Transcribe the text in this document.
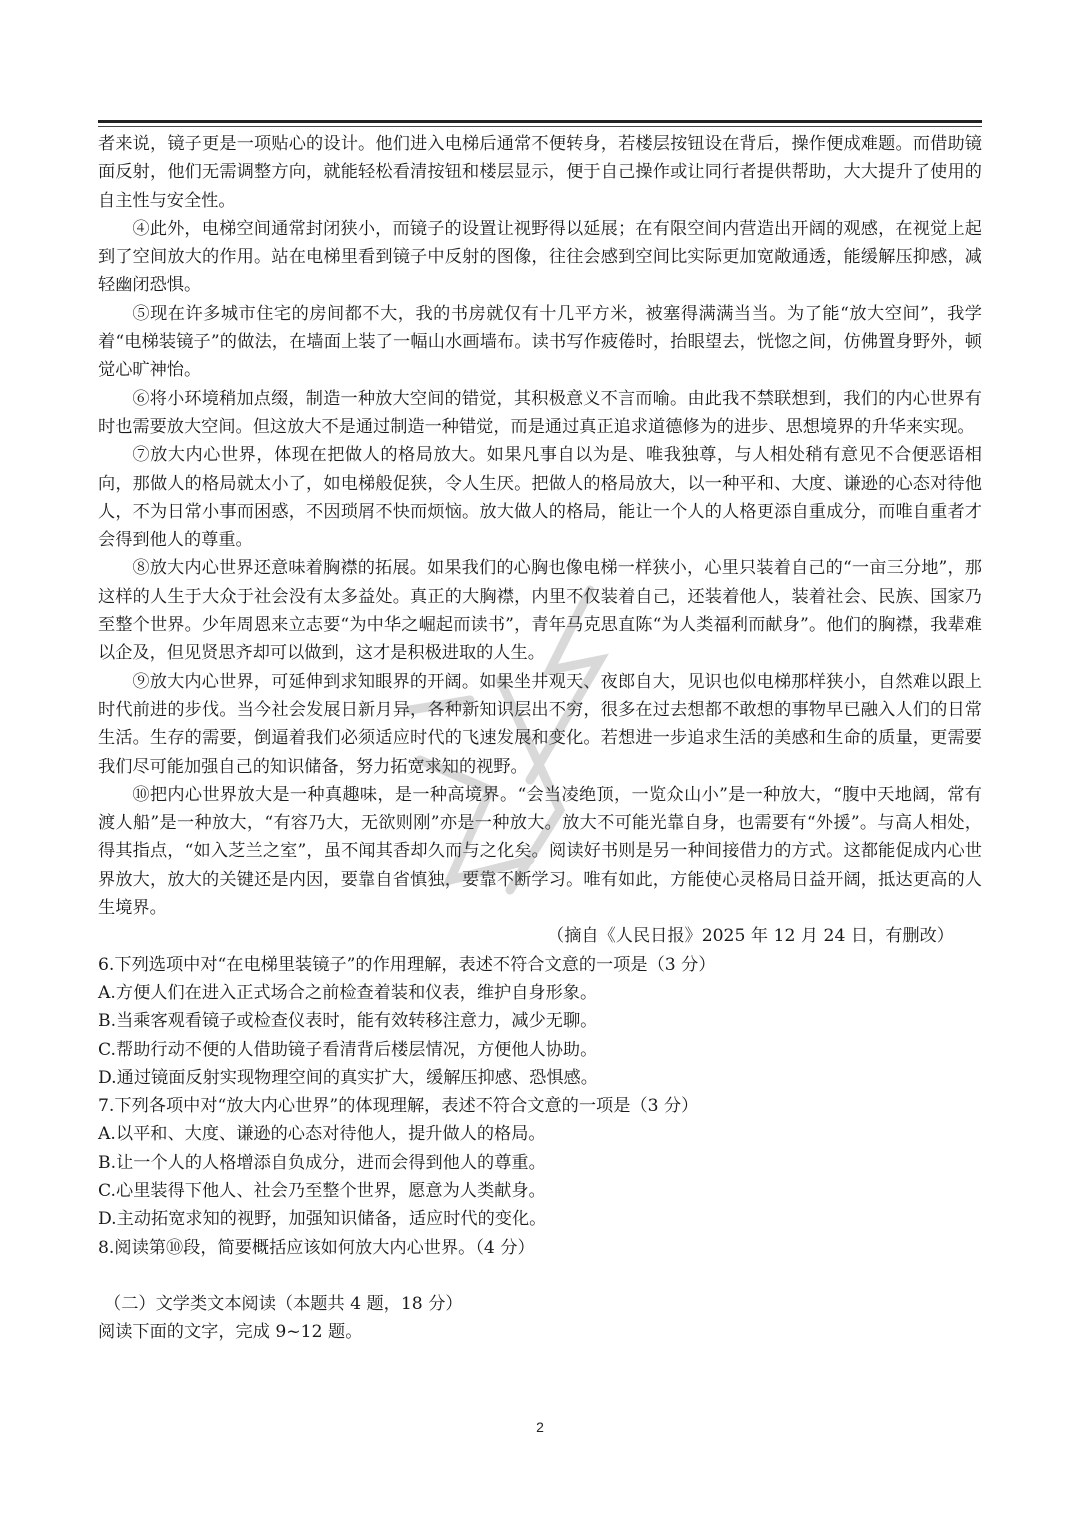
者来说，镜子更是一项贴心的设计。他们进入电梯后通常不便转身，若楼层按钮设在背后，操作便成难题。而借助镜面反射，他们无需调整方向，就能轻松看清按钮和楼层显示，便于自己操作或让同行者提供帮助，大大提升了使用的自主性与安全性。

④此外，电梯空间通常封闭狭小，而镜子的设置让视野得以延展；在有限空间内营造出开阔的观感，在视觉上起到了空间放大的作用。站在电梯里看到镜子中反射的图像，往往会感到空间比实际更加宽敞通透，能缓解压抑感，减轻幽闭恐惧。

⑤现在许多城市住宅的房间都不大，我的书房就仅有十几平方米，被塞得满满当当。为了能“放大空间”，我学着“电梯装镜子”的做法，在墙面上装了一幅山水画墙布。读书写作疲倦时，抬眼望去，恍惚之间，仿佛置身野外，顿觉心旷神怡。

⑥将小环境稍加点缀，制造一种放大空间的错觉，其积极意义不言而喻。由此我不禁联想到，我们的内心世界有时也需要放大空间。但这放大不是通过制造一种错觉，而是通过真正追求道德修为的进步、思想境界的升华来实现。

⑦放大内心世界，体现在把做人的格局放大。如果凡事自以为是、唯我独尊，与人相处稍有意见不合便恶语相向，那做人的格局就太小了，如电梯般促狭，令人生厌。把做人的格局放大，以一种平和、大度、谦逊的心态对待他人，不为日常小事而困惑，不因琐屑不快而烦恼。放大做人的格局，能让一个人的人格更添自重成分，而唯自重者才会得到他人的尊重。

⑧放大内心世界还意味着胸襟的拓展。如果我们的心胸也像电梯一样狭小，心里只装着自己的“一亩三分地”，那这样的人生于大众于社会没有太多益处。真正的大胸襟，内里不仅装着自己，还装着他人，装着社会、民族、国家乃至整个世界。少年周恩来立志要“为中华之崛起而读书”，青年马克思直陈“为人类福利而献身”。他们的胸襟，我辈难以企及，但见贤思齐却可以做到，这才是积极进取的人生。

⑨放大内心世界，可延伸到求知眼界的开阔。如果坐井观天、夜郎自大，见识也似电梯那样狭小，自然难以跟上时代前进的步伐。当今社会发展日新月异，各种新知识层出不穷，很多在过去想都不敢想的事物早已融入人们的日常生活。生存的需要，倒逼着我们必须适应时代的飞速发展和变化。若想进一步追求生活的美感和生命的质量，更需要我们尽可能加强自己的知识储备，努力拓宽求知的视野。

⑩把内心世界放大是一种真趣味，是一种高境界。“会当凌绝顶，一览众山小”是一种放大，“腹中天地阔，常有渡人船”是一种放大，“有容乃大，无欲则刚”亦是一种放大。放大不可能光靠自身，也需要有“外援”。与高人相处，得其指点，“如入芝兰之室”，虽不闻其香却久而与之化矣。阅读好书则是另一种间接借力的方式。这都能促成内心世界放大，放大的关键还是内因，要靠自省慎独，要靠不断学习。唯有如此，方能使心灵格局日益开阔，抵达更高的人生境界。

（摘自《人民日报》2025 年 12 月 24 日，有删改）

6.下列选项中对“在电梯里装镜子”的作用理解，表述不符合文意的一项是（3 分）

A.方便人们在进入正式场合之前检查着装和仪表，维护自身形象。

B.当乘客观看镜子或检查仪表时，能有效转移注意力，减少无聊。

C.帮助行动不便的人借助镜子看清背后楼层情况，方便他人协助。

D.通过镜面反射实现物理空间的真实扩大，缓解压抑感、恐惧感。

7.下列各项中对“放大内心世界”的体现理解，表述不符合文意的一项是（3 分）

A.以平和、大度、谦逊的心态对待他人，提升做人的格局。

B.让一个人的人格增添自负成分，进而会得到他人的尊重。

C.心里装得下他人、社会乃至整个世界，愿意为人类献身。

D.主动拓宽求知的视野，加强知识储备，适应时代的变化。

8.阅读第⑩段，简要概括应该如何放大内心世界。（4 分）

（二）文学类文本阅读（本题共 4 题，18 分）

阅读下面的文字，完成 9~12 题。

2
